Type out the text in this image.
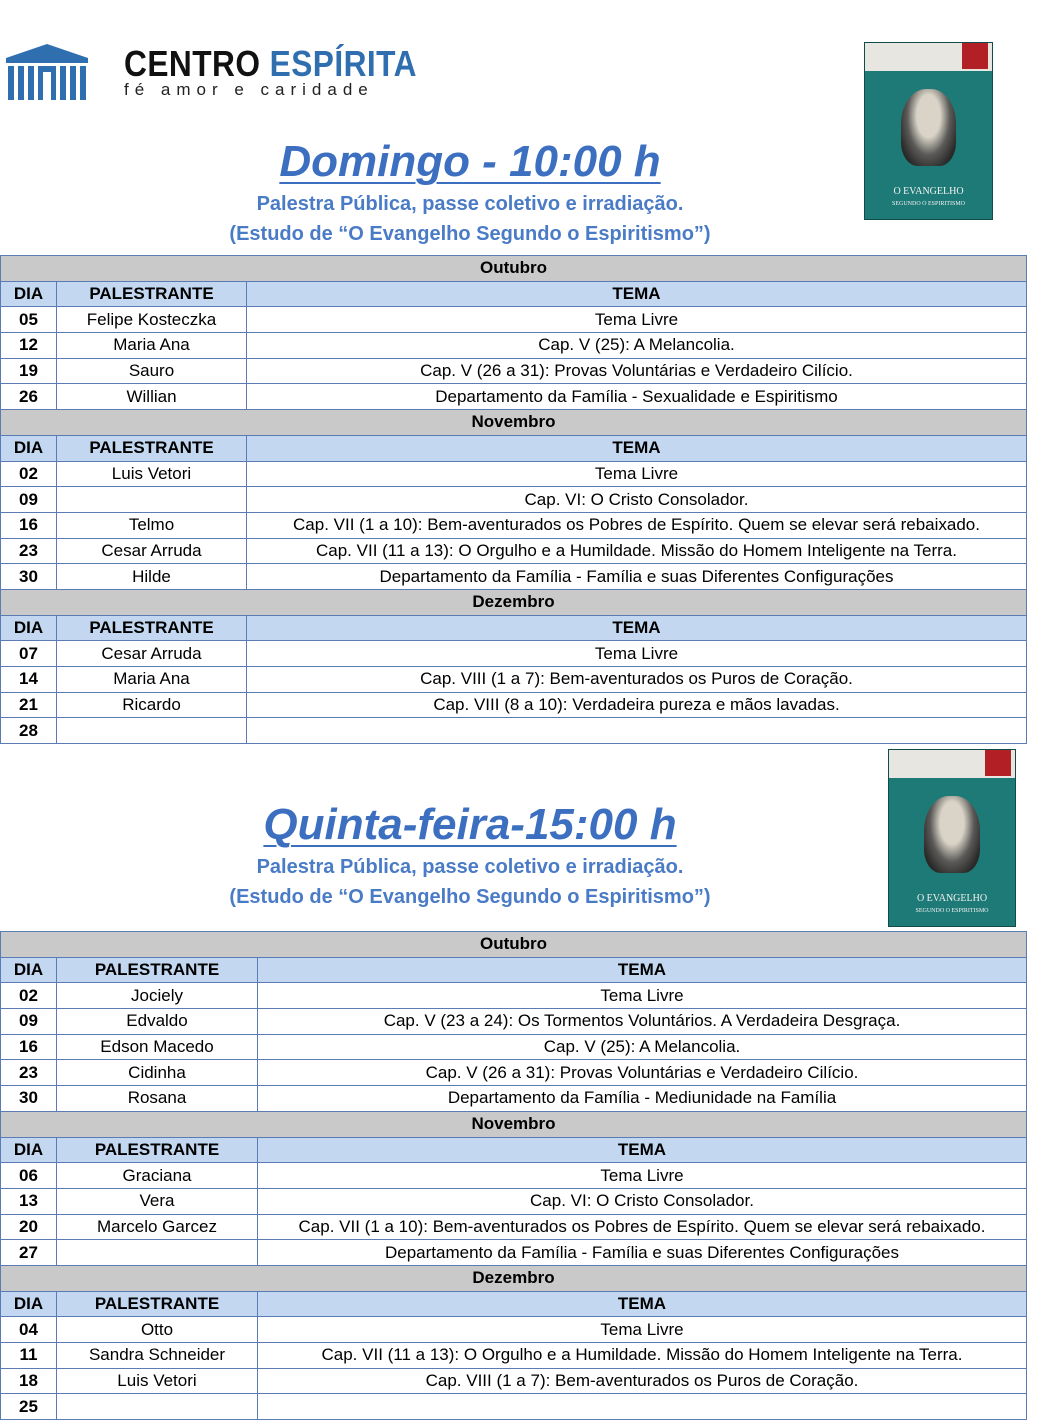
CENTRO ESPÍRITA
fé amor e caridade
O EVANGELHO
SEGUNDO O ESPIRITISMO
O EVANGELHO
SEGUNDO O ESPIRITISMO
Domingo - 10:00 h
Palestra Pública, passe coletivo e irradiação.
(Estudo de “O Evangelho Segundo o Espiritismo”)
Outubro		
DIA	PALESTRANTE	TEMA
05	Felipe Kosteczka	Tema Livre
12	Maria Ana	Cap. V (25): A Melancolia.
19	Sauro	Cap. V (26 a 31): Provas Voluntárias e Verdadeiro Cilício.
26	Willian	Departamento da Família - Sexualidade e Espiritismo
Novembro		
DIA	PALESTRANTE	TEMA
02	Luis Vetori	Tema Livre
09		Cap. VI: O Cristo Consolador.
16	Telmo	Cap. VII (1 a 10): Bem-aventurados os Pobres de Espírito. Quem se elevar será rebaixado.
23	Cesar Arruda	Cap. VII (11 a 13): O Orgulho e a Humildade. Missão do Homem Inteligente na Terra.
30	Hilde	Departamento da Família - Família e suas Diferentes Configurações
Dezembro		
DIA	PALESTRANTE	TEMA
07	Cesar Arruda	Tema Livre
14	Maria Ana	Cap. VIII (1 a 7): Bem-aventurados os Puros de Coração.
21	Ricardo	Cap. VIII (8 a 10): Verdadeira pureza e mãos lavadas.
28		
Quinta-feira-15:00 h
Palestra Pública, passe coletivo e irradiação.
(Estudo de “O Evangelho Segundo o Espiritismo”)
Outubro		
DIA	PALESTRANTE	TEMA
02	Jociely	Tema Livre
09	Edvaldo	Cap. V (23 a 24): Os Tormentos Voluntários. A Verdadeira Desgraça.
16	Edson Macedo	Cap. V (25): A Melancolia.
23	Cidinha	Cap. V (26 a 31): Provas Voluntárias e Verdadeiro Cilício.
30	Rosana	Departamento da Família - Mediunidade na Família
Novembro		
DIA	PALESTRANTE	TEMA
06	Graciana	Tema Livre
13	Vera	Cap. VI: O Cristo Consolador.
20	Marcelo Garcez	Cap. VII (1 a 10): Bem-aventurados os Pobres de Espírito. Quem se elevar será rebaixado.
27		Departamento da Família - Família e suas Diferentes Configurações
Dezembro		
DIA	PALESTRANTE	TEMA
04	Otto	Tema Livre
11	Sandra Schneider	Cap. VII (11 a 13): O Orgulho e a Humildade. Missão do Homem Inteligente na Terra.
18	Luis Vetori	Cap. VIII (1 a 7): Bem-aventurados os Puros de Coração.
25		
